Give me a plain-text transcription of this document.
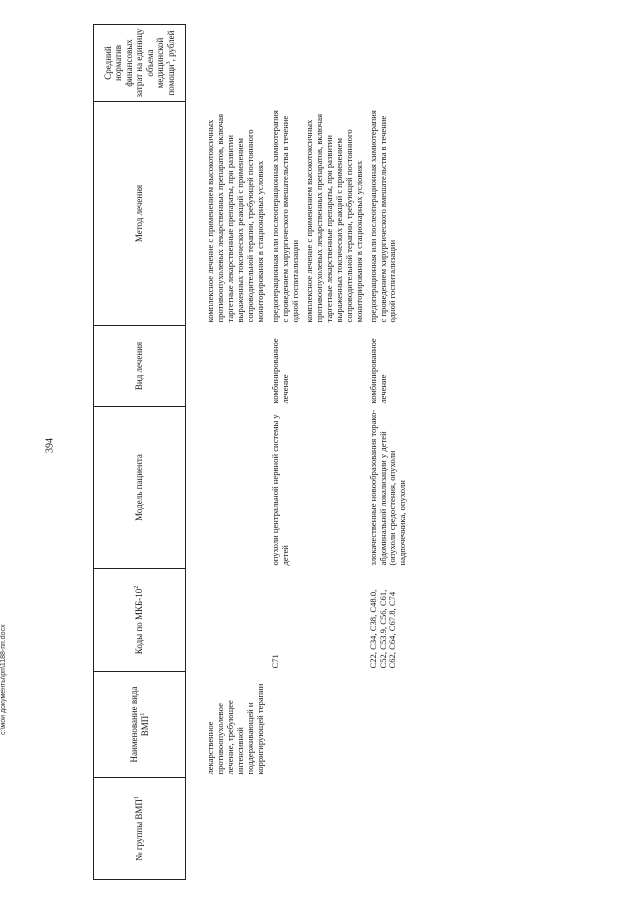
394
№ группы ВМП$^1$	Наименование вида ВМП$^1$	Коды по МКБ-$10^2$	Модель пациента	Вид лечения	Метод лечения	Средний норматив финансовых затрат на единицу объема медицинской помощи$^3$, рублей
	лекарственное противоопухолевое лечение, требующее интенсивной поддерживающей и корригирующей терапии				комплексное лечение с применением высокотоксичных противоопухолевых лекарственных препаратов, включая таргетные лекарственные препараты, при развитии выраженных токсических реакций с применением сопроводительной терапии, требующей постоянного мониторирования в стационарных условиях	
		C71	опухоли центральной нервной системы у детей	комбинированное лечение	предоперационная или послеоперационная химиотерапия с проведением хирургического вмешательства в течение одной госпитализации комплексное лечение с применением высокотоксичных противоопухолевых лекарственных препаратов, включая таргетные лекарственные препараты, при развитии выраженных токсических реакций с применением сопроводительной терапии, требующей постоянного мониторирования в стационарных условиях	
		C22, C34, C38, C48.0, C52, C53.9, C56, C61, C62, C64, C67.8, C74	злокачественные новообразования торако-абдоминальной локализации у детей (опухоли средостения, опухоли надпочечника, опухоли	комбинированное лечение	предоперационная или послеоперационная химиотерапия с проведением хирургического вмешательства в течение одной госпитализации	
c:\мои документы\рп\1188-пп.docx
